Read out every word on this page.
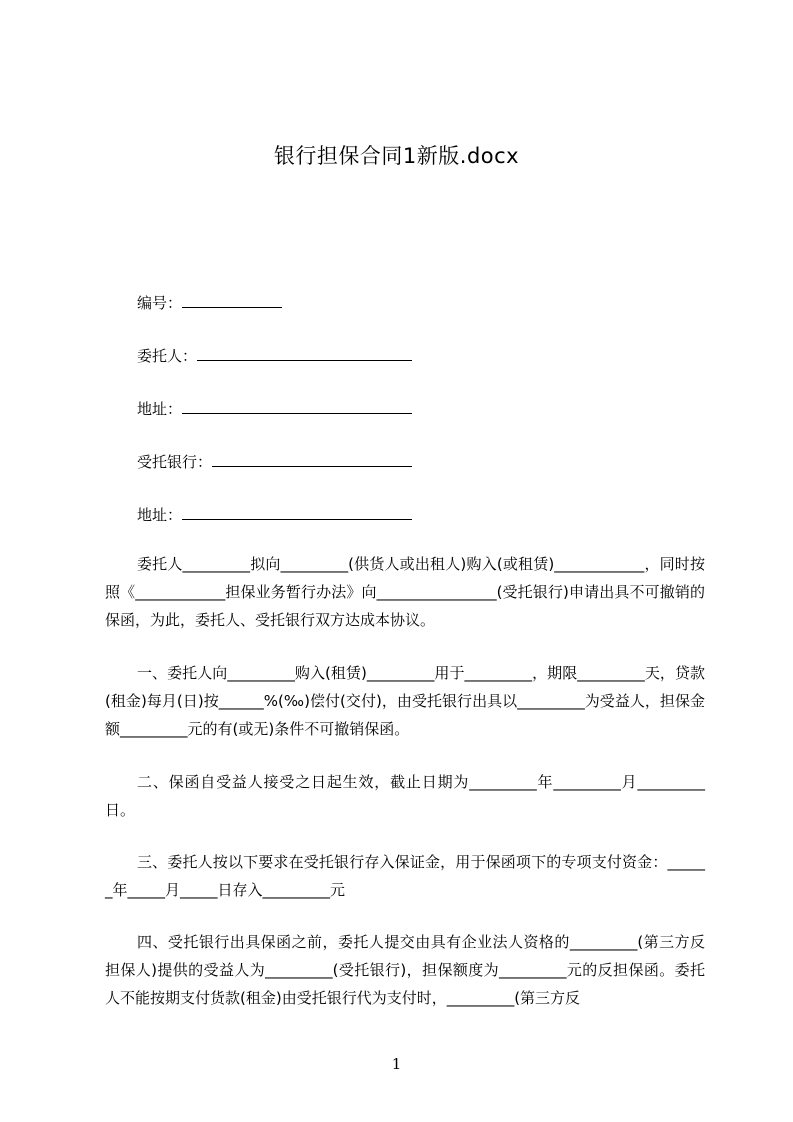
银行担保合同1新版.docx
编号：
委托人：
地址：
受托银行：
地址：

委托人_________拟向_________(供货人或出租人)购入(或租赁)____________，同时按照《____________担保业务暂行办法》向________________(受托银行)申请出具不可撤销的保函，为此，委托人、受托银行双方达成本协议。

一、委托人向_________购入(租赁)_________用于_________，期限_________天，贷款(租金)每月(日)按______%(‰)偿付(交付)，由受托银行出具以_________为受益人，担保金额_________元的有(或无)条件不可撤销保函。

二、保函自受益人接受之日起生效，截止日期为_________年_________月_________日。

三、委托人按以下要求在受托银行存入保证金，用于保函项下的专项支付资金：______年_____月_____日存入_________元

四、受托银行出具保函之前，委托人提交由具有企业法人资格的_________(第三方反担保人)提供的受益人为_________(受托银行)，担保额度为_________元的反担保函。委托人不能按期支付货款(租金)由受托银行代为支付时，_________(第三方反

1
